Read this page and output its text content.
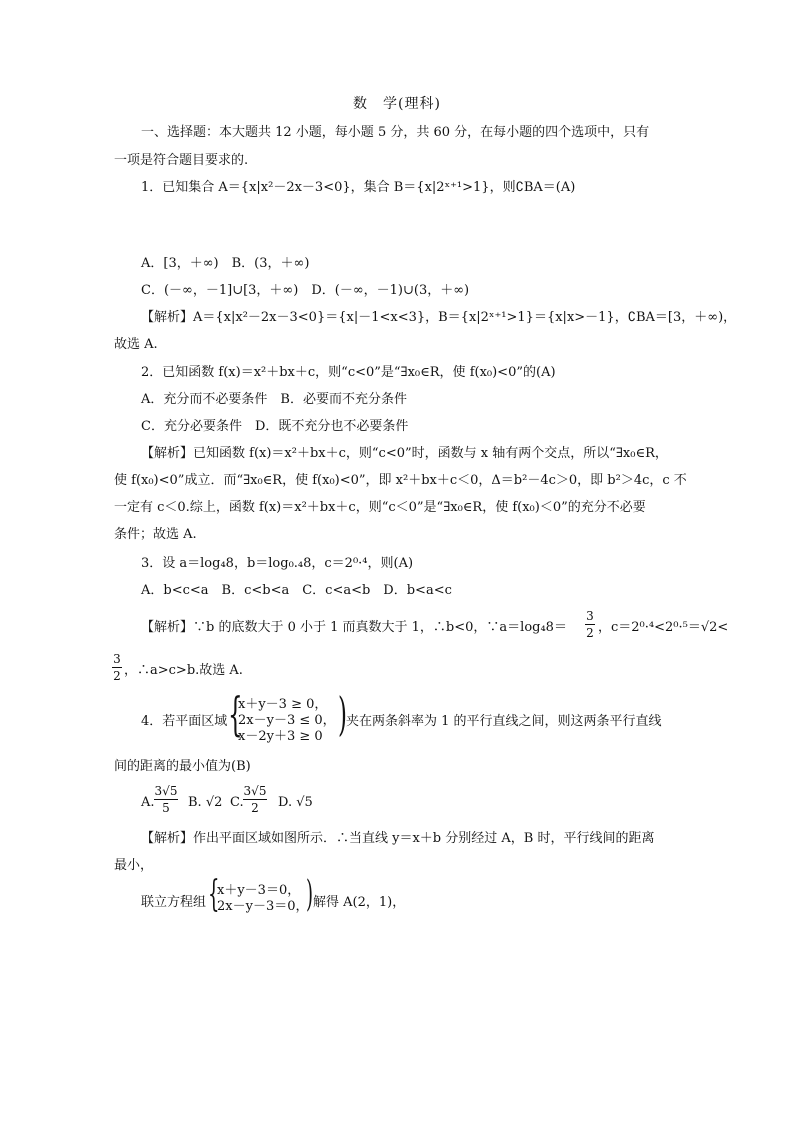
数　学(理科)
一、选择题：本大题共 12 小题，每小题 5 分，共 60 分，在每小题的四个选项中，只有
一项是符合题目要求的.
1．已知集合 A＝{x|x²－2x－3<0}，集合 B＝{x|2ˣ⁺¹>1}，则∁BA＝(A)
A．[3，＋∞)　B．(3，＋∞)
C．(－∞，－1]∪[3，＋∞)　D．(－∞，－1)∪(3，＋∞)
【解析】A＝{x|x²－2x－3<0}＝{x|－1<x<3}，B＝{x|2ˣ⁺¹>1}＝{x|x>－1}，∁BA＝[3，＋∞)，
故选 A.
2．已知函数 f(x)＝x²＋bx＋c，则“c<0”是“∃x₀∈R，使 f(x₀)<0”的(A)
A．充分而不必要条件　B．必要而不充分条件
C．充分必要条件　D．既不充分也不必要条件
【解析】已知函数 f(x)＝x²＋bx＋c，则“c<0”时，函数与 x 轴有两个交点，所以“∃x₀∈R，
使 f(x₀)<0”成立．而“∃x₀∈R，使 f(x₀)<0”，即 x²＋bx＋c＜0，Δ＝b²－4c＞0，即 b²＞4c，c 不
一定有 c＜0.综上，函数 f(x)＝x²＋bx＋c，则“c＜0”是“∃x₀∈R，使 f(x₀)＜0”的充分不必要
条件；故选 A.
3．设 a＝log₄8，b＝log₀.₄8，c＝2⁰·⁴，则(A)
A．b<c<a　B．c<b<a　C．c<a<b　D．b<a<c
【解析】∵b 的底数大于 0 小于 1 而真数大于 1，∴b<0，∵a＝log₄8＝
3
2 ，c＝2⁰·⁴<2⁰·⁵＝√2<
3
2 ，∴a>c>b.故选 A.
4．若平面区域 {
x＋y－3 ≥ 0，
2x－y－3 ≤ 0，
x－2y＋3 ≥ 0 ) 夹在两条斜率为 1 的平行直线之间，则这两条平行直线
间的距离的最小值为(B)
A.
3√5
5	B. √2 C.
3√5
2	D. √5
【解析】作出平面区域如图所示．∴当直线 y＝x＋b 分别经过 A，B 时，平行线间的距离
最小，
联立方程组 {
x＋y－3＝0，
2x－y－3＝0，
) 解得 A(2，1)，
